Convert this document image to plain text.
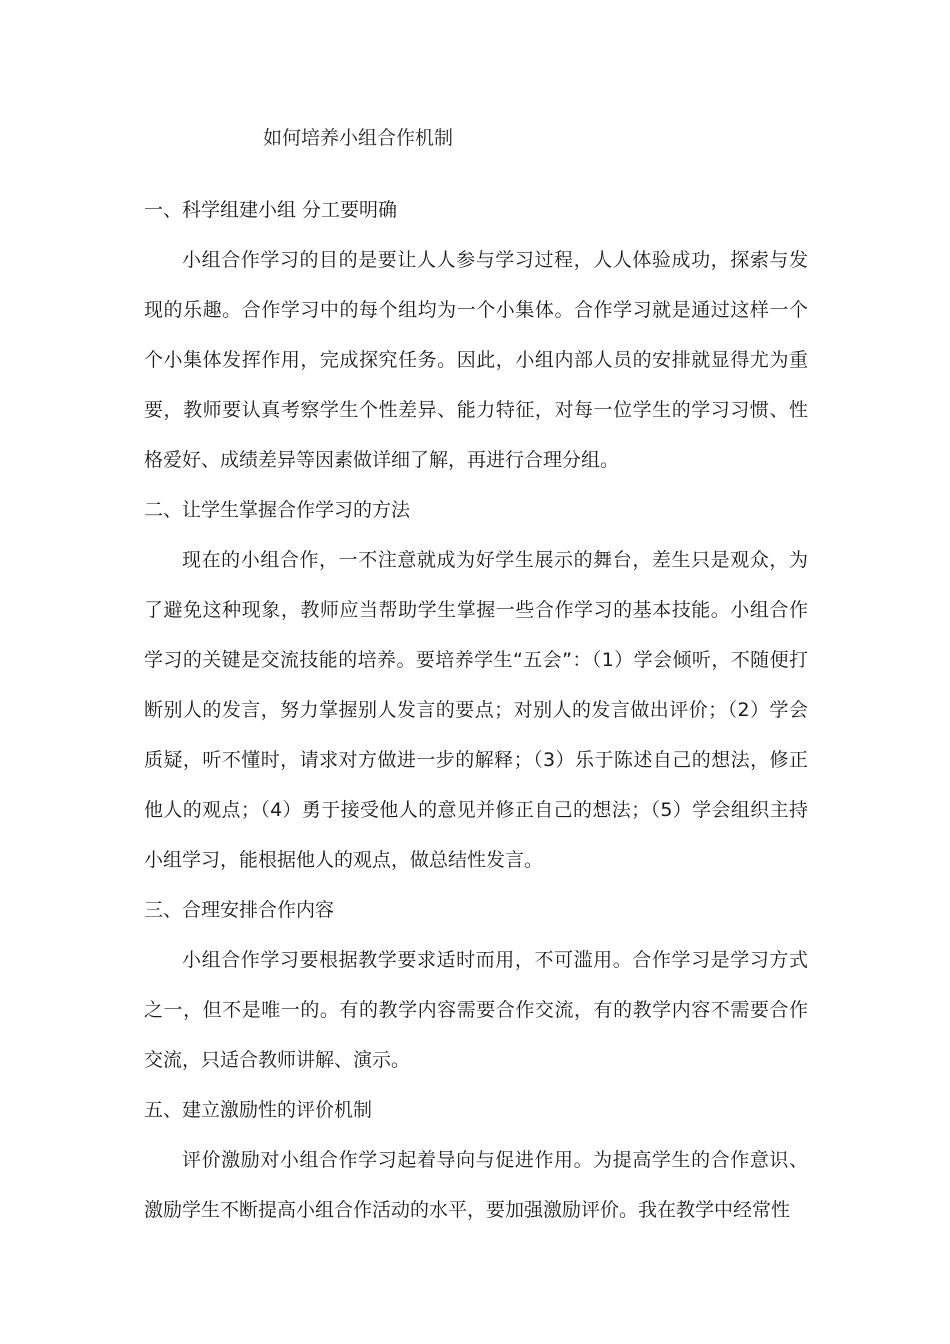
如何培养小组合作机制

一、科学组建小组 分工要明确

小组合作学习的目的是要让人人参与学习过程，人人体验成功，探索与发现的乐趣。合作学习中的每个组均为一个小集体。合作学习就是通过这样一个个小集体发挥作用，完成探究任务。因此，小组内部人员的安排就显得尤为重要，教师要认真考察学生个性差异、能力特征，对每一位学生的学习习惯、性格爱好、成绩差异等因素做详细了解，再进行合理分组。

二、让学生掌握合作学习的方法

现在的小组合作，一不注意就成为好学生展示的舞台，差生只是观众，为了避免这种现象，教师应当帮助学生掌握一些合作学习的基本技能。小组合作学习的关键是交流技能的培养。要培养学生“五会”：（1）学会倾听，不随便打断别人的发言，努力掌握别人发言的要点；对别人的发言做出评价；（2）学会质疑，听不懂时，请求对方做进一步的解释；（3）乐于陈述自己的想法，修正他人的观点；（4）勇于接受他人的意见并修正自己的想法；（5）学会组织主持小组学习，能根据他人的观点，做总结性发言。

三、合理安排合作内容

小组合作学习要根据教学要求适时而用，不可滥用。合作学习是学习方式之一，但不是唯一的。有的教学内容需要合作交流，有的教学内容不需要合作交流，只适合教师讲解、演示。

五、建立激励性的评价机制

评价激励对小组合作学习起着导向与促进作用。为提高学生的合作意识、激励学生不断提高小组合作活动的水平，要加强激励评价。我在教学中经常性
